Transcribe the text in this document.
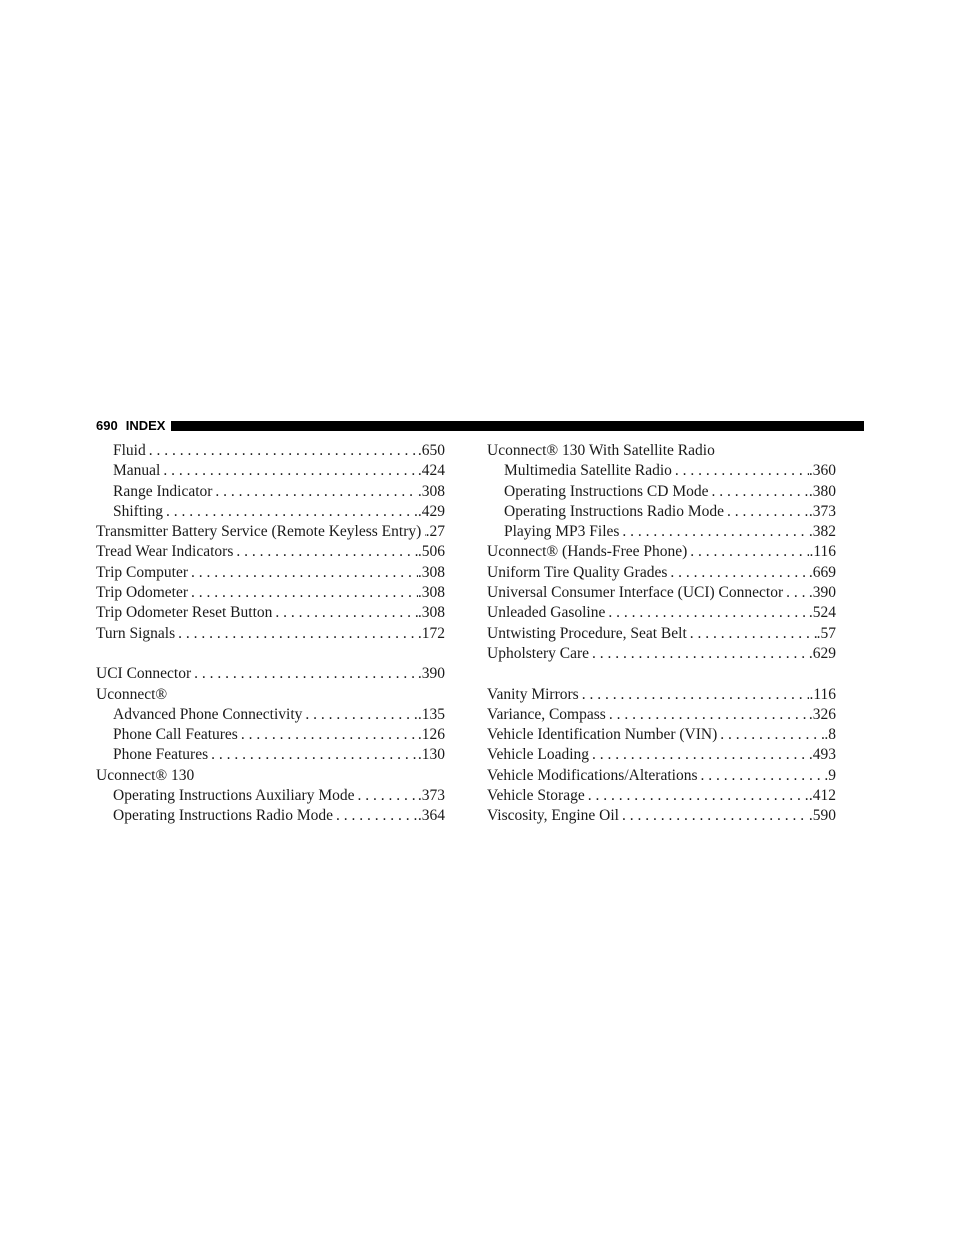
690 INDEX
Fluid . . .	.650
Manual . . .	.424
Range Indicator . . .	.308
Shifting . . .	.429
Transmitter Battery Service (Remote Keyless Entry) . . . .27
Tread Wear Indicators . . .	.506
Trip Computer . . .	.308
Trip Odometer . . .	.308
Trip Odometer Reset Button . . .	.308
Turn Signals . . .	.172
UCI Connector . . .	.390
Uconnect®
Advanced Phone Connectivity . . .	.135
Phone Call Features . . .	.126
Phone Features . . .	.130
Uconnect® 130
Operating Instructions Auxiliary Mode . . .	.373
Operating Instructions Radio Mode . . .	.364
Uconnect® 130 With Satellite Radio
Multimedia Satellite Radio . . .	.360
Operating Instructions CD Mode . . .	.380
Operating Instructions Radio Mode . . .	.373
Playing MP3 Files . . .	.382
Uconnect® (Hands-Free Phone) . . .	.116
Uniform Tire Quality Grades . . .	.669
Universal Consumer Interface (UCI) Connector . . . .390
Unleaded Gasoline . . .	.524
Untwisting Procedure, Seat Belt . . .	.57
Upholstery Care . . .	.629
Vanity Mirrors . . .	.116
Variance, Compass . . .	.326
Vehicle Identification Number (VIN) . . .	.8
Vehicle Loading . . .	.493
Vehicle Modifications/Alterations . . .	.9
Vehicle Storage . . .	.412
Viscosity, Engine Oil . . .	.590
